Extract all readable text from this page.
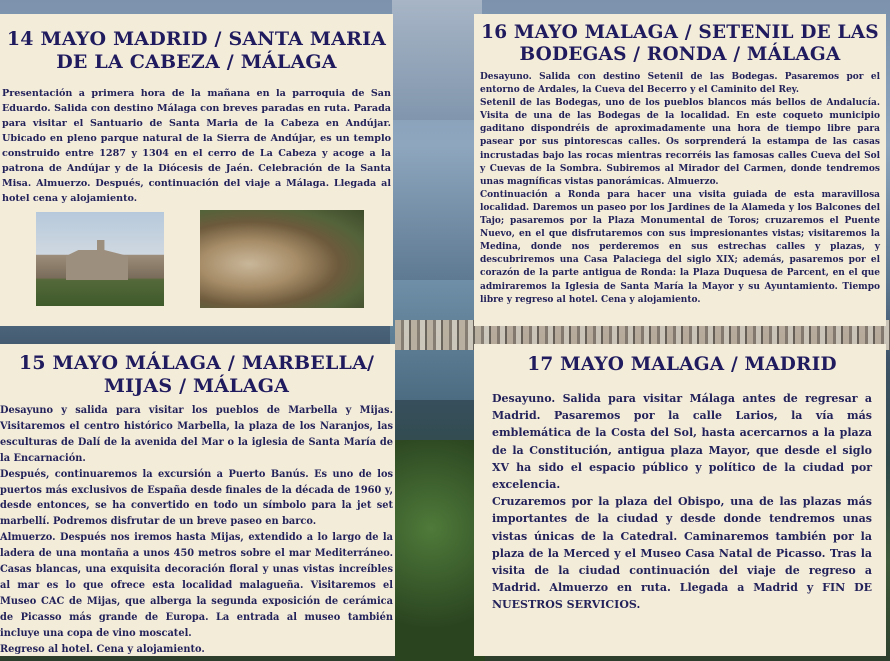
14 MAYO MADRID / SANTA MARIA DE LA CABEZA / MÁLAGA

Presentación a primera hora de la mañana en la parroquia de San Eduardo. Salida con destino Málaga con breves paradas en ruta. Parada para visitar el Santuario de Santa Maria de la Cabeza en Andújar. Ubicado en pleno parque natural de la Sierra de Andújar, es un templo construido entre 1287 y 1304 en el cerro de La Cabeza y acoge a la patrona de Andújar y de la Diócesis de Jaén. Celebración de la Santa Misa. Almuerzo. Después, continuación del viaje a Málaga. Llegada al hotel cena y alojamiento.

16 MAYO MALAGA / SETENIL DE LAS BODEGAS / RONDA / MÁLAGA

Desayuno. Salida con destino Setenil de las Bodegas. Pasaremos por el entorno de Ardales, la Cueva del Becerro y el Caminito del Rey.

Setenil de las Bodegas, uno de los pueblos blancos más bellos de Andalucía. Visita de una de las Bodegas de la localidad. En este coqueto municipio gaditano dispondréis de aproximadamente una hora de tiempo libre para pasear por sus pintorescas calles. Os sorprenderá la estampa de las casas incrustadas bajo las rocas mientras recorréis las famosas calles Cueva del Sol y Cuevas de la Sombra. Subiremos al Mirador del Carmen, donde tendremos unas magníficas vistas panorámicas. Almuerzo.

Continuación a Ronda para hacer una visita guiada de esta maravillosa localidad. Daremos un paseo por los Jardines de la Alameda y los Balcones del Tajo; pasaremos por la Plaza Monumental de Toros; cruzaremos el Puente Nuevo, en el que disfrutaremos con sus impresionantes vistas; visitaremos la Medina, donde nos perderemos en sus estrechas calles y plazas, y descubriremos una Casa Palaciega del siglo XIX; además, pasaremos por el corazón de la parte antigua de Ronda: la Plaza Duquesa de Parcent, en el que admiraremos la Iglesia de Santa María la Mayor y su Ayuntamiento. Tiempo libre y regreso al hotel. Cena y alojamiento.

15 MAYO MÁLAGA / MARBELLA/ MIJAS / MÁLAGA

Desayuno y salida para visitar los pueblos de Marbella y Mijas. Visitaremos el centro histórico Marbella, la plaza de los Naranjos, las esculturas de Dalí de la avenida del Mar o la iglesia de Santa María de la Encarnación.

Después, continuaremos la excursión a Puerto Banús. Es uno de los puertos más exclusivos de España desde finales de la década de 1960 y, desde entonces, se ha convertido en todo un símbolo para la jet set marbellí. Podremos disfrutar de un breve paseo en barco.

Almuerzo. Después nos iremos hasta Mijas, extendido a lo largo de la ladera de una montaña a unos 450 metros sobre el mar Mediterráneo. Casas blancas, una exquisita decoración floral y unas vistas increíbles al mar es lo que ofrece esta localidad malagueña. Visitaremos el Museo CAC de Mijas, que alberga la segunda exposición de cerámica de Picasso más grande de Europa. La entrada al museo también incluye una copa de vino moscatel.

Regreso al hotel. Cena y alojamiento.

17 MAYO MALAGA / MADRID

Desayuno. Salida para visitar Málaga antes de regresar a Madrid. Pasaremos por la calle Larios, la vía más emblemática de la Costa del Sol, hasta acercarnos a la plaza de la Constitución, antigua plaza Mayor, que desde el siglo XV ha sido el espacio público y político de la ciudad por excelencia.

Cruzaremos por la plaza del Obispo, una de las plazas más importantes de la ciudad y desde donde tendremos unas vistas únicas de la Catedral. Caminaremos también por la plaza de la Merced y el Museo Casa Natal de Picasso. Tras la visita de la ciudad continuación del viaje de regreso a Madrid. Almuerzo en ruta. Llegada a Madrid y FIN DE NUESTROS SERVICIOS.
